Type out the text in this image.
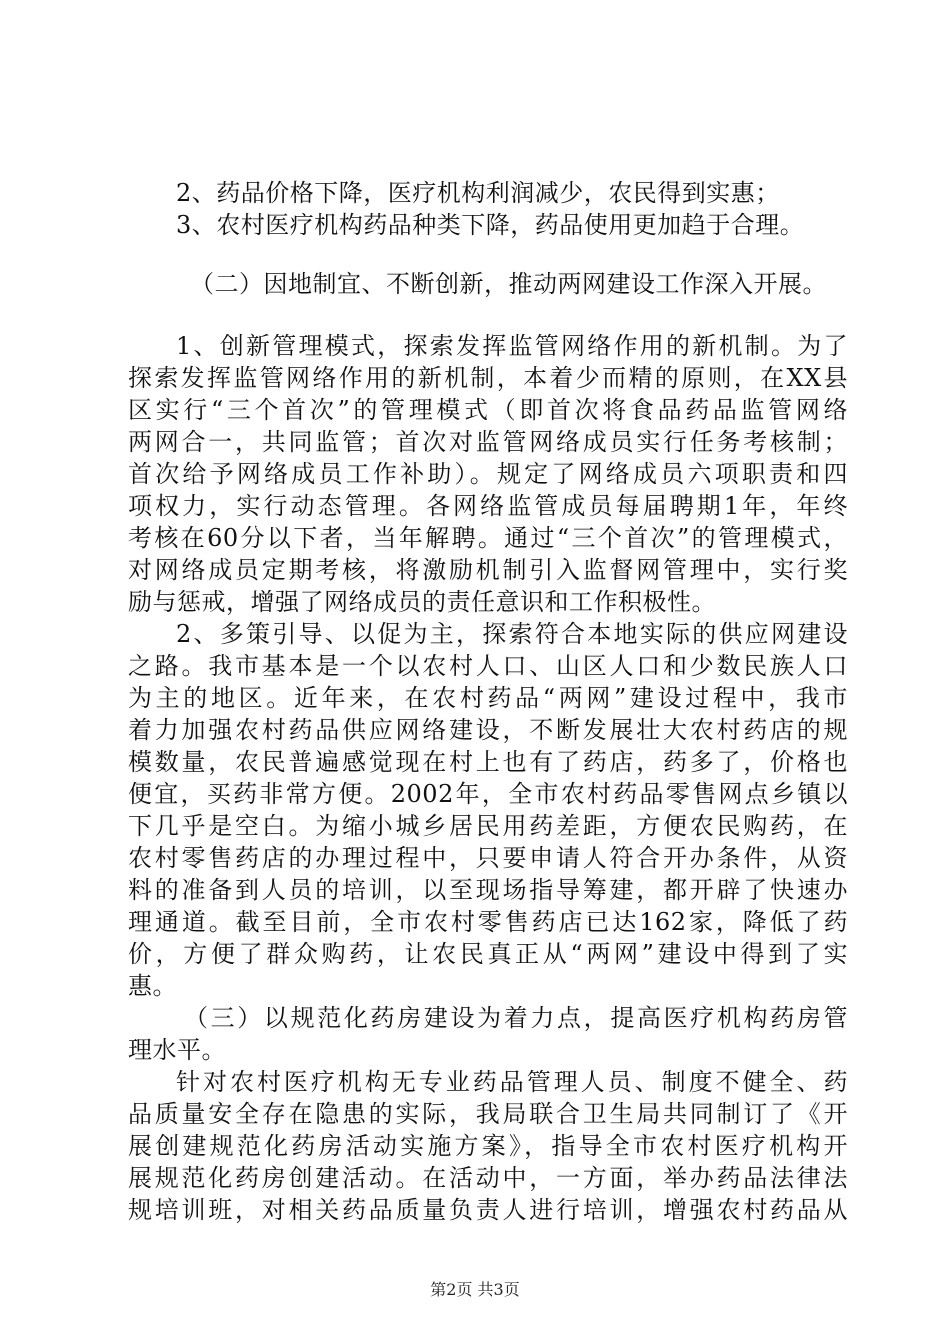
2、药品价格下降，医疗机构利润减少，农民得到实惠；
3、农村医疗机构药品种类下降，药品使用更加趋于合理。
（二）因地制宜、不断创新，推动两网建设工作深入开展。
1、创新管理模式，探索发挥监管网络作用的新机制。为了
探索发挥监管网络作用的新机制，本着少而精的原则，在XX县
区实行“三个首次”的管理模式（即首次将食品药品监管网络
两网合一，共同监管；首次对监管网络成员实行任务考核制；
首次给予网络成员工作补助）。规定了网络成员六项职责和四
项权力，实行动态管理。各网络监管成员每届聘期1年，年终
考核在60分以下者，当年解聘。通过“三个首次”的管理模式，
对网络成员定期考核，将激励机制引入监督网管理中，实行奖
励与惩戒，增强了网络成员的责任意识和工作积极性。
2、多策引导、以促为主，探索符合本地实际的供应网建设
之路。我市基本是一个以农村人口、山区人口和少数民族人口
为主的地区。近年来，在农村药品“两网”建设过程中，我市
着力加强农村药品供应网络建设，不断发展壮大农村药店的规
模数量，农民普遍感觉现在村上也有了药店，药多了，价格也
便宜，买药非常方便。2002年，全市农村药品零售网点乡镇以
下几乎是空白。为缩小城乡居民用药差距，方便农民购药，在
农村零售药店的办理过程中，只要申请人符合开办条件，从资
料的准备到人员的培训，以至现场指导筹建，都开辟了快速办
理通道。截至目前，全市农村零售药店已达162家，降低了药
价，方便了群众购药，让农民真正从“两网”建设中得到了实
惠。
（三）以规范化药房建设为着力点，提高医疗机构药房管
理水平。
针对农村医疗机构无专业药品管理人员、制度不健全、药
品质量安全存在隐患的实际，我局联合卫生局共同制订了《开
展创建规范化药房活动实施方案》，指导全市农村医疗机构开
展规范化药房创建活动。在活动中，一方面，举办药品法律法
规培训班，对相关药品质量负责人进行培训，增强农村药品从
第2页 共3页
